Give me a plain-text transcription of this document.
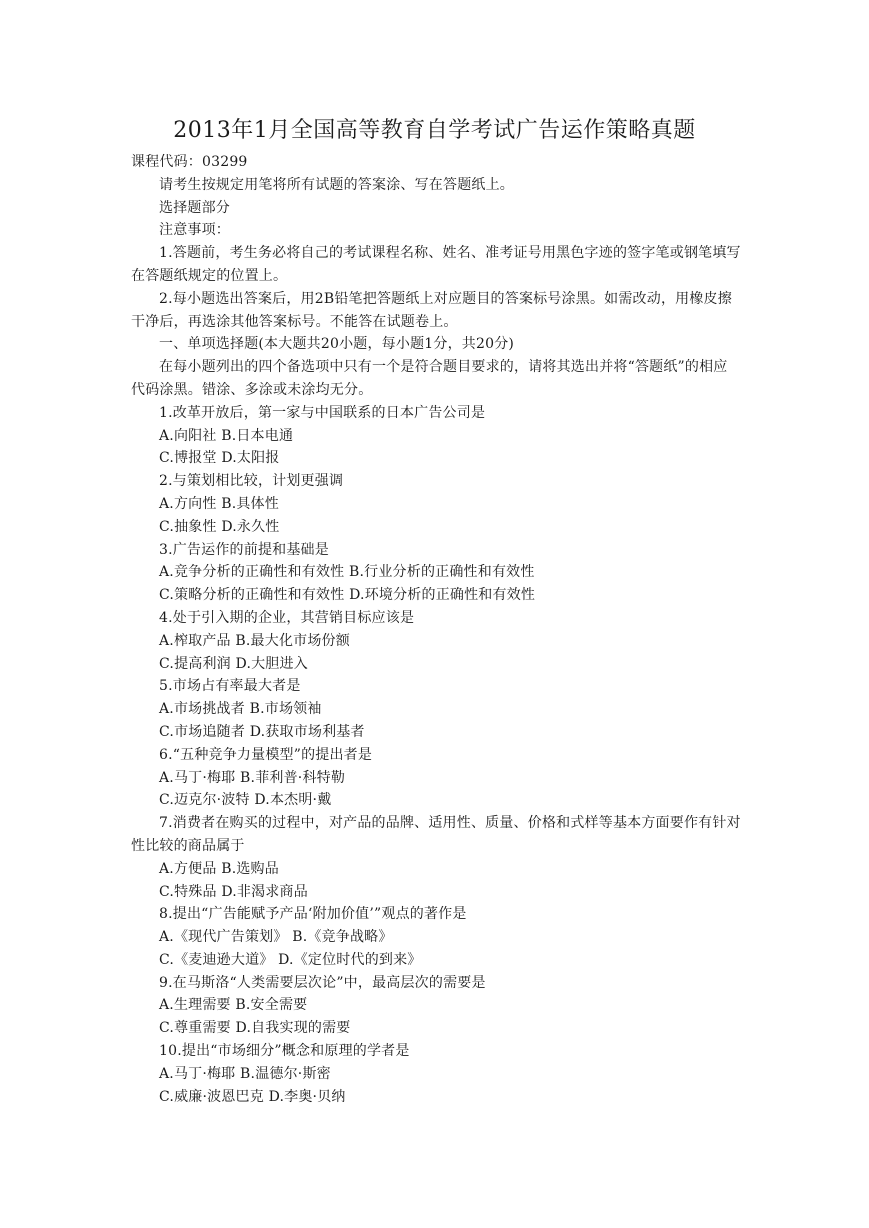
2013年1月全国高等教育自学考试广告运作策略真题

课程代码：03299

请考生按规定用笔将所有试题的答案涂、写在答题纸上。

选择题部分

注意事项：

1.答题前，考生务必将自己的考试课程名称、姓名、准考证号用黑色字迹的签字笔或钢笔填写在答题纸规定的位置上。

2.每小题选出答案后，用2B铅笔把答题纸上对应题目的答案标号涂黑。如需改动，用橡皮擦干净后，再选涂其他答案标号。不能答在试题卷上。

一、单项选择题(本大题共20小题，每小题1分，共20分)

在每小题列出的四个备选项中只有一个是符合题目要求的，请将其选出并将“答题纸”的相应代码涂黑。错涂、多涂或未涂均无分。

1.改革开放后，第一家与中国联系的日本广告公司是

A.向阳社 B.日本电通

C.博报堂 D.太阳报

2.与策划相比较，计划更强调

A.方向性 B.具体性

C.抽象性 D.永久性

3.广告运作的前提和基础是

A.竞争分析的正确性和有效性 B.行业分析的正确性和有效性

C.策略分析的正确性和有效性 D.环境分析的正确性和有效性

4.处于引入期的企业，其营销目标应该是

A.榨取产品 B.最大化市场份额

C.提高利润 D.大胆进入

5.市场占有率最大者是

A.市场挑战者 B.市场领袖

C.市场追随者 D.获取市场利基者

6.“五种竞争力量模型”的提出者是

A.马丁·梅耶 B.菲利普·科特勒

C.迈克尔·波特 D.本杰明·戴

7.消费者在购买的过程中，对产品的品牌、适用性、质量、价格和式样等基本方面要作有针对性比较的商品属于

A.方便品 B.选购品

C.特殊品 D.非渴求商品

8.提出“广告能赋予产品‘附加价值’”观点的著作是

A.《现代广告策划》 B.《竞争战略》

C.《麦迪逊大道》 D.《定位时代的到来》

9.在马斯洛“人类需要层次论”中，最高层次的需要是

A.生理需要 B.安全需要

C.尊重需要 D.自我实现的需要

10.提出“市场细分”概念和原理的学者是

A.马丁·梅耶 B.温德尔·斯密

C.威廉·波恩巴克 D.李奥·贝纳
